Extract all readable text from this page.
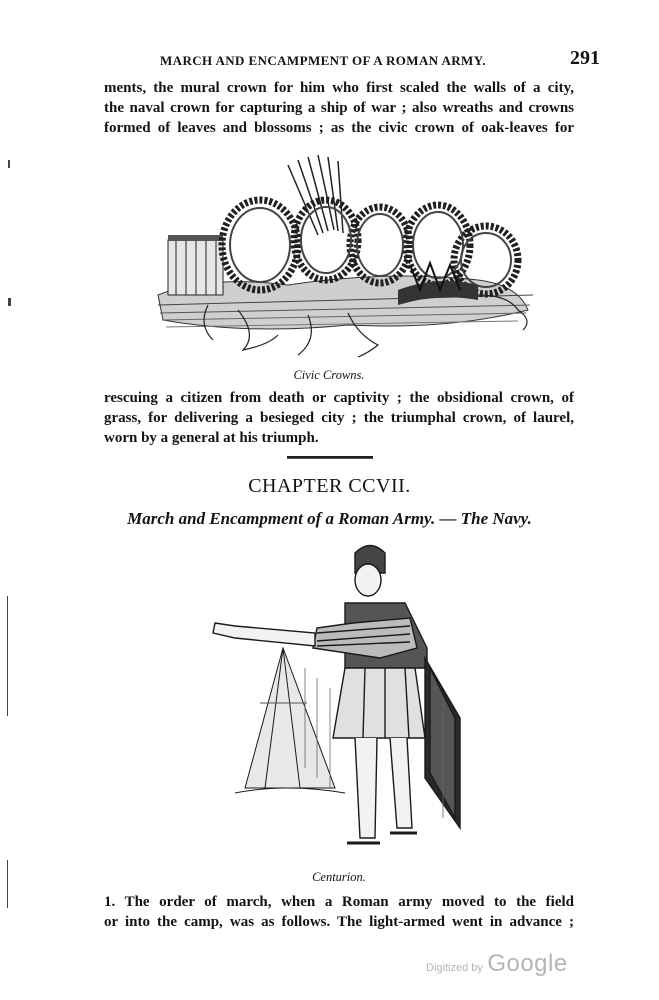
MARCH AND ENCAMPMENT OF A ROMAN ARMY.	291
ments, the mural crown for him who first scaled the walls of a city,
the naval crown for capturing a ship of war ; also wreaths and crowns
formed of leaves and blossoms ; as the civic crown of oak-leaves for
Civic Crowns.
rescuing a citizen from death or captivity ; the obsidional crown, of
grass, for delivering a besieged city ; the triumphal crown, of laurel,
worn by a general at his triumph.
CHAPTER CCVII.
March and Encampment of a Roman Army. — The Navy.
Centurion.
1. The order of march, when a Roman army moved to the field
or into the camp, was as follows. The light-armed went in advance ;
Digitized by Google
